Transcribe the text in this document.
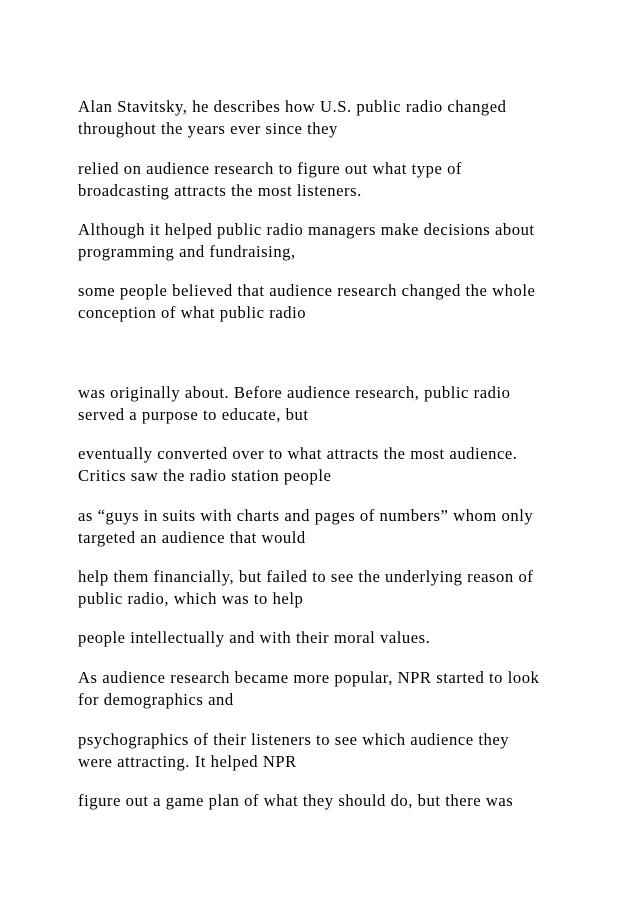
Alan Stavitsky, he describes how U.S. public radio changed
throughout the years ever since they

relied on audience research to figure out what type of
broadcasting attracts the most listeners.

Although it helped public radio managers make decisions about
programming and fundraising,

some people believed that audience research changed the whole
conception of what public radio

was originally about. Before audience research, public radio
served a purpose to educate, but

eventually converted over to what attracts the most audience.
Critics saw the radio station people

as “guys in suits with charts and pages of numbers” whom only
targeted an audience that would

help them financially, but failed to see the underlying reason of
public radio, which was to help

people intellectually and with their moral values.

As audience research became more popular, NPR started to look
for demographics and

psychographics of their listeners to see which audience they
were attracting. It helped NPR

figure out a game plan of what they should do, but there was
